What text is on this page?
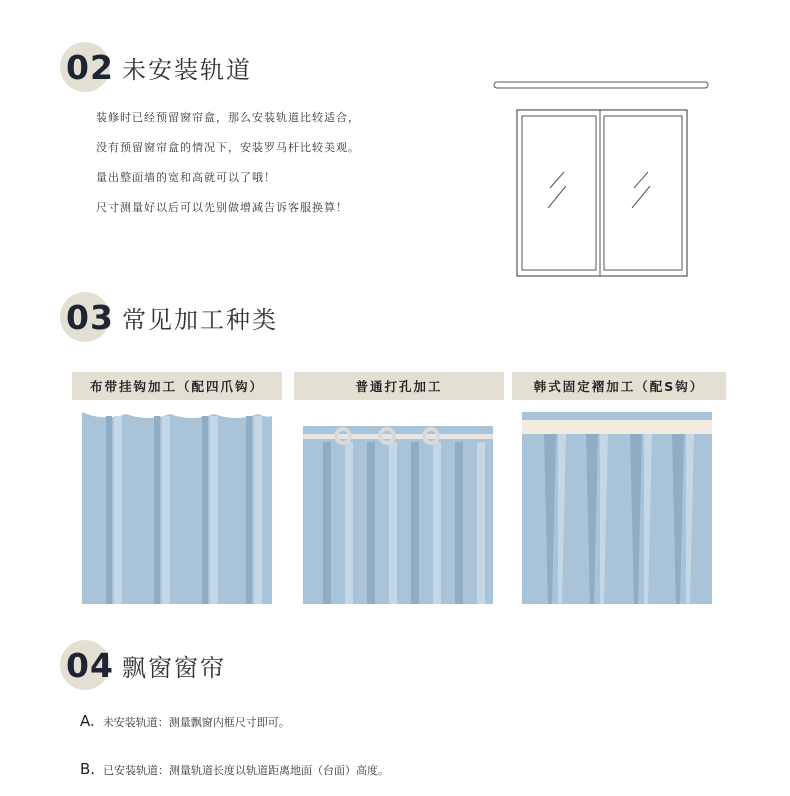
02 未安装轨道

装修时已经预留窗帘盒，那么安装轨道比较适合，

没有预留窗帘盒的情况下，安装罗马杆比较美观。

量出整面墙的宽和高就可以了哦！

尺寸测量好以后可以先别做增减告诉客服换算！

03 常见加工种类
布带挂钩加工（配四爪钩）	普通打孔加工	韩式固定褶加工（配S钩）
04 飘窗窗帘
A. 未安装轨道：测量飘窗内框尺寸即可。
B. 已安装轨道：测量轨道长度以轨道距离地面（台面）高度。
